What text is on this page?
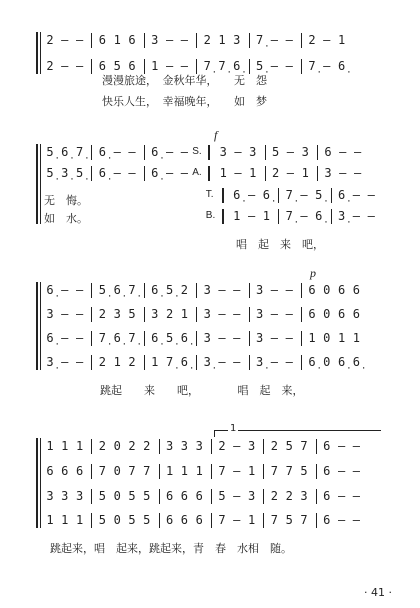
2 – – 6 1 6 3 – – 2 1 3 7̣ – – 2 – 1
2 – – 6 5 6 1 – – 7̣ 7̣ 6̣ 5̣ – – 7̣ – 6̣
漫漫旅途，　金秋年华，　　无　怨
快乐人生，　幸福晚年，　　如　梦
5̣ 6̣ 7̣ 6̣ – – 6̣ – – S. 3 – 3 5 – 3 6 – –
5̣ 3̣ 5̣ 6̣ – – 6̣ – – A. 1 – 1 2 – 1 3 – –
T. 6̣ – 6̣ 7̣ – 5̣ 6̣ – –
B. 1 – 1 7̣ – 6̣ 3̣ – –
无　悔。
如　水。
唱　起　来　吧，
6̣ – – 5̣ 6̣ 7̣ 6̣ 5̣ 2 3 – – 3 – – 6 0 6 6
3 – – 2 3 5 3 2 1 3 – – 3 – – 6 0 6 6
6̣ – – 7̣ 6̣ 7̣ 6̣ 5̣ 6̣ 3 – – 3 – – 1 0 1 1
3̣ – – 2 1 2 1 7̣ 6̣ 3̣ – – 3̣ – – 6̣ 0 6̣ 6̣
跳起　　来　　吧，　　　　唱　起　来，
1 1 1 2 0 2 2 3 3 3 2 – 3 2 5 7 6 – –
6 6 6 7 0 7 7 1 1 1 7 – 1 7 7 5 6 – –
3 3 3 5 0 5 5 6 6 6 5 – 3 2 2 3 6 – –
1 1 1 5 0 5 5 6 6 6 7 – 1 7 5 7 6 – –
跳起来，唱　起来，跳起来，青　春　水相　随。
f
p
1
· 41 ·
